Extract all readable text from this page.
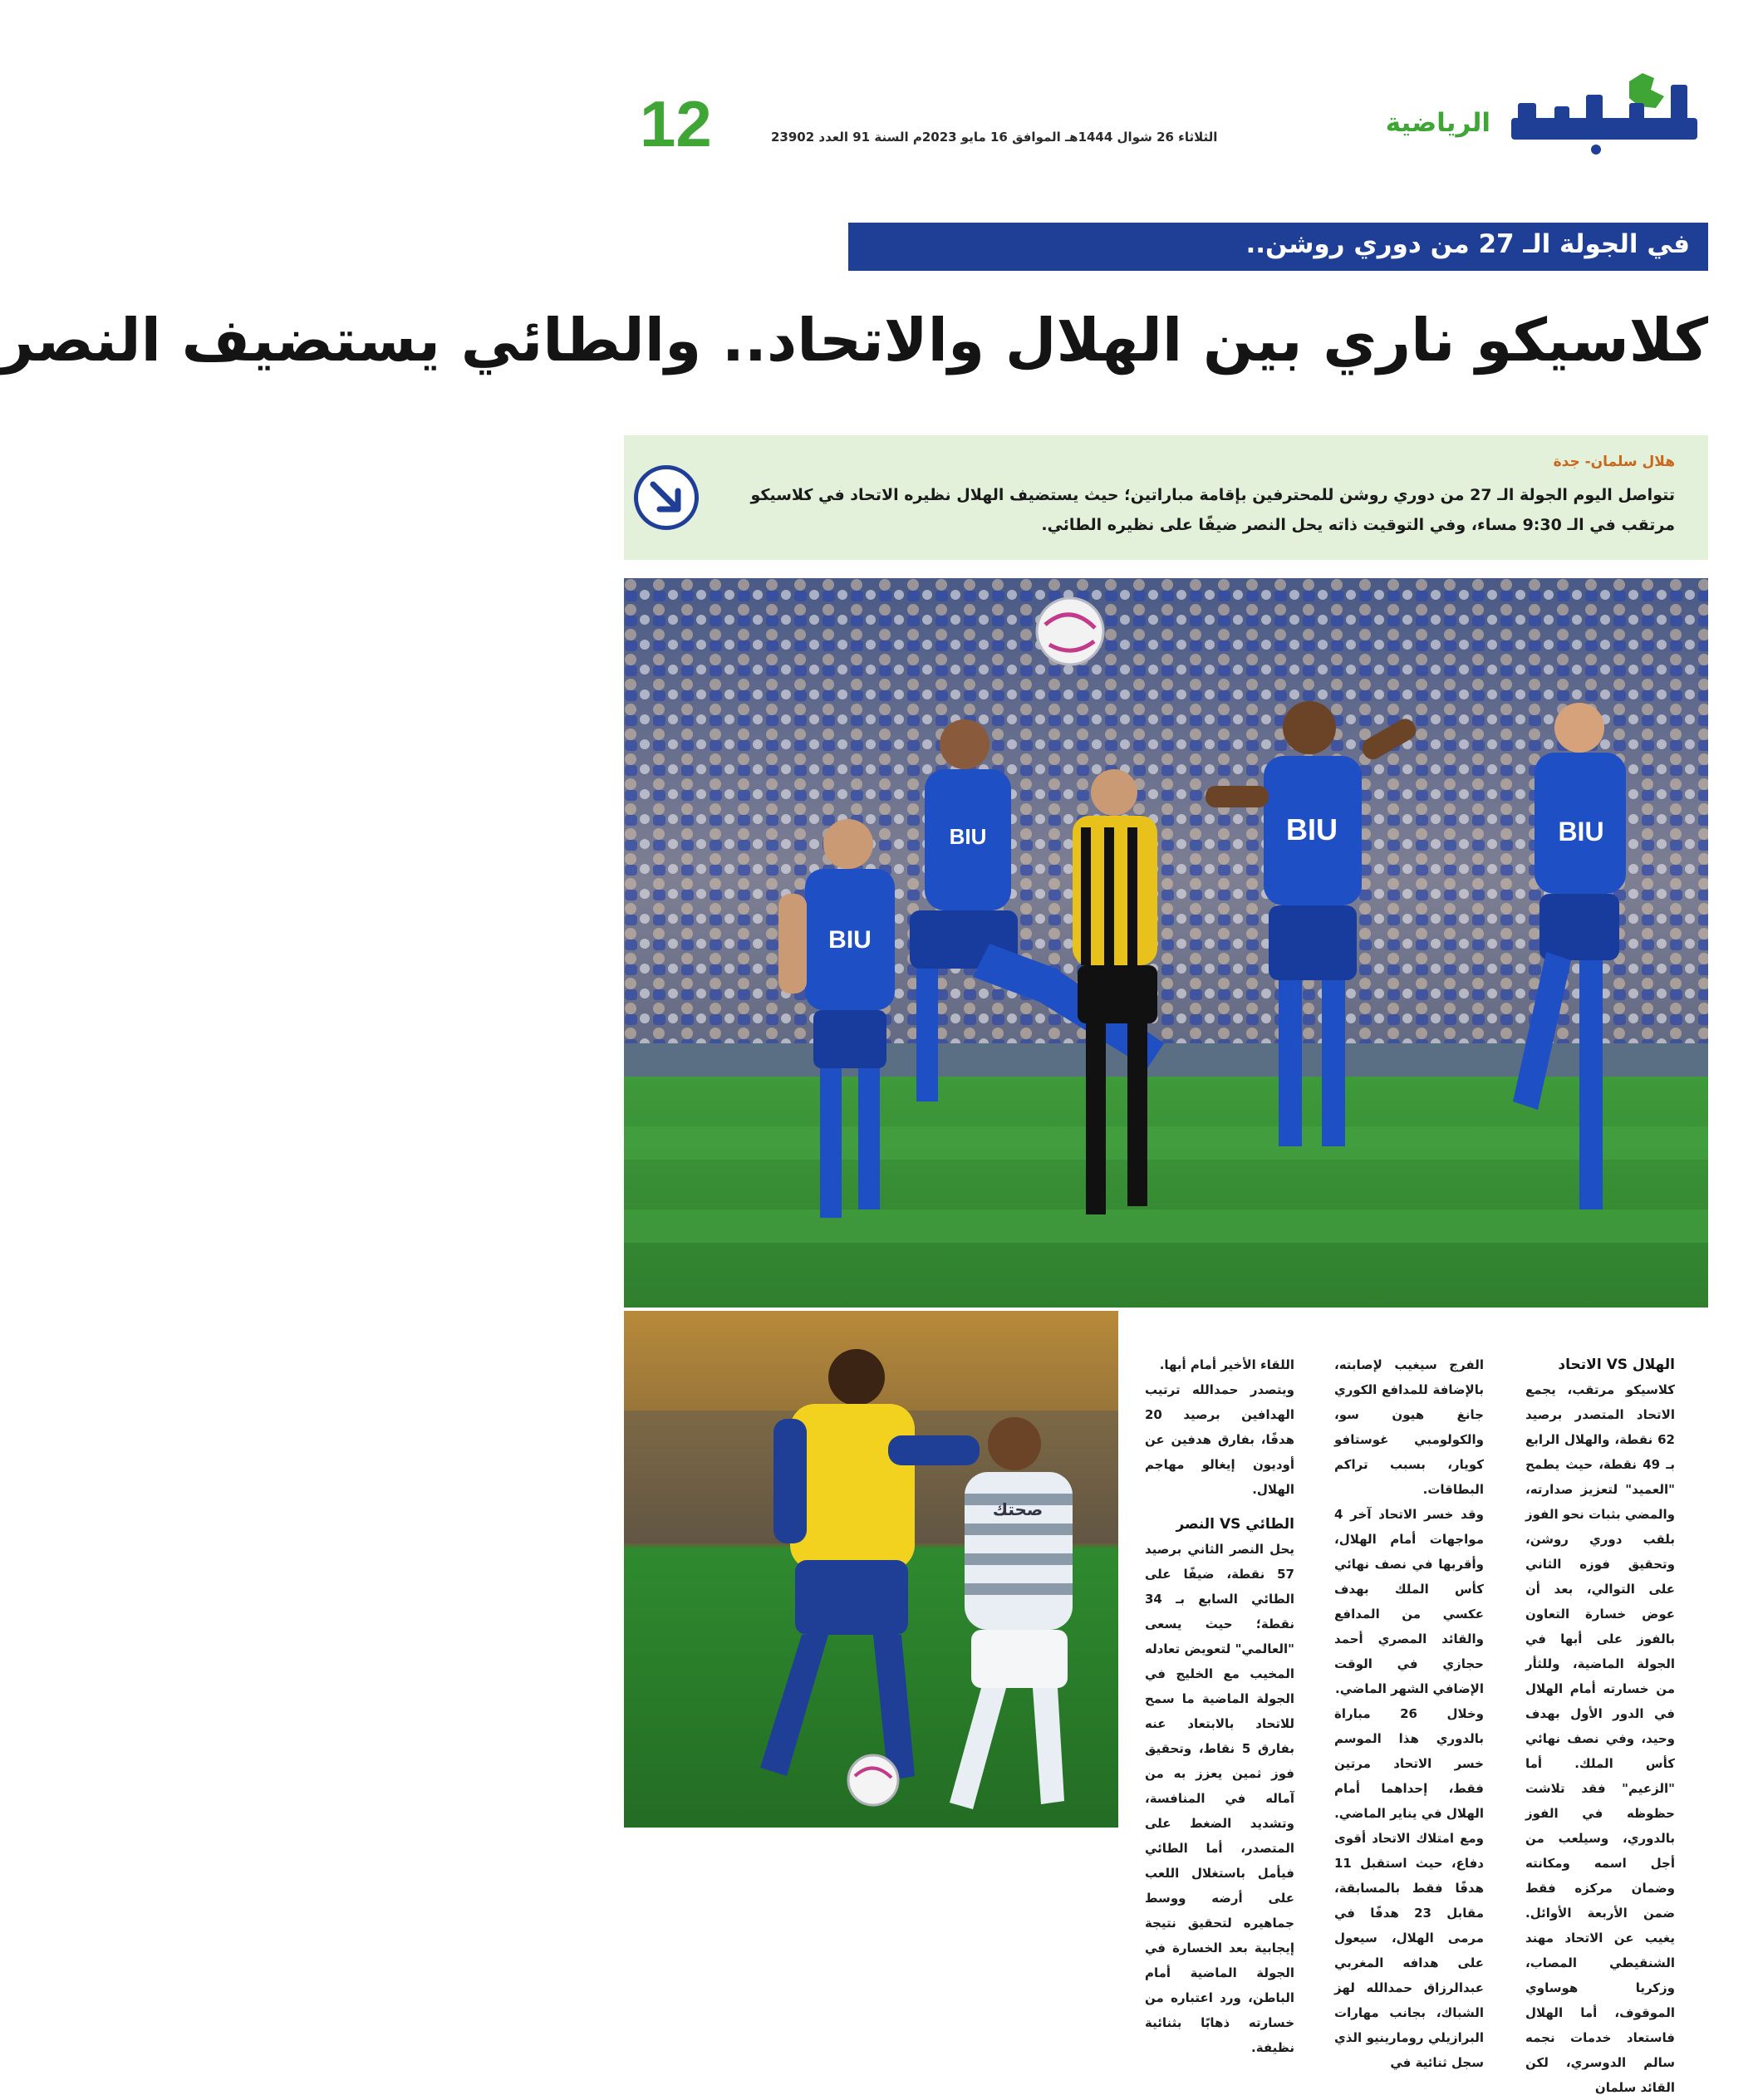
الرياضية
الثلاثاء 26 شوال 1444هـ الموافق 16 مايو 2023م السنة 91 العدد 23902
12
في الجولة الـ 27 من دوري روشن..
كلاسيكو ناري بين الهلال والاتحاد.. والطائي يستضيف النصر
هلال سلمان- جدة
تتواصل اليوم الجولة الـ 27 من دوري روشن للمحترفين بإقامة مباراتين؛ حيث يستضيف الهلال نظيره الاتحاد في كلاسيكو مرتقب في الـ 9:30 مساء، وفي التوقيت ذاته يحل النصر ضيفًا على نظيره الطائي.
BIU
BIU	BIU	BIU
صحتك

الهلال VS الاتحاد

كلاسيكو مرتقب، يجمع الاتحاد المتصدر برصيد 62 نقطة، والهلال الرابع بـ 49 نقطة، حيث يطمح "العميد" لتعزيز صدارته، والمضي بثبات نحو الفوز بلقب دوري روشن، وتحقيق فوزه الثاني على التوالي، بعد أن عوض خسارة التعاون بالفوز على أبها في الجولة الماضية، وللثأر من خسارته أمام الهلال في الدور الأول بهدف وحيد، وفي نصف نهائي كأس الملك. أما "الزعيم" فقد تلاشت حظوظه في الفوز بالدوري، وسيلعب من أجل اسمه ومكانته وضمان مركزه فقط ضمن الأربعة الأوائل. يغيب عن الاتحاد مهند الشنقيطي المصاب، وزكريا هوساوي الموقوف، أما الهلال فاستعاد خدمات نجمه سالم الدوسري، لكن القائد سلمان

الفرج سيغيب لإصابته، بالإضافة للمدافع الكوري جانغ هيون سو، والكولومبي غوستافو كويار، بسبب تراكم البطاقات.

وقد خسر الاتحاد آخر 4 مواجهات أمام الهلال، وأقربها في نصف نهائي كأس الملك بهدف عكسي من المدافع والقائد المصري أحمد حجازي في الوقت الإضافي الشهر الماضي.

وخلال 26 مباراة بالدوري هذا الموسم خسر الاتحاد مرتين فقط، إحداهما أمام الهلال في يناير الماضي.

ومع امتلاك الاتحاد أقوى دفاع، حيث استقبل 11 هدفًا فقط بالمسابقة، مقابل 23 هدفًا في مرمى الهلال، سيعول على هدافه المغربي عبدالرزاق حمدالله لهز الشباك، بجانب مهارات البرازيلي رومارينيو الذي سجل ثنائية في

اللقاء الأخير أمام أبها.

ويتصدر حمدالله ترتيب الهدافين برصيد 20 هدفًا، بفارق هدفين عن أوديون إيغالو مهاجم الهلال.

الطائي VS النصر

يحل النصر الثاني برصيد 57 نقطة، ضيفًا على الطائي السابع بـ 34 نقطة؛ حيث يسعى "العالمي" لتعويض تعادله المخيب مع الخليج في الجولة الماضية ما سمح للاتحاد بالابتعاد عنه بفارق 5 نقاط، وتحقيق فوز ثمين يعزز به من آماله في المنافسة، وتشديد الضغط على المتصدر، أما الطائي فيأمل باستغلال اللعب على أرضه ووسط جماهيره لتحقيق نتيجة إيجابية بعد الخسارة في الجولة الماضية أمام الباطن، ورد اعتباره من خسارته ذهابًا بثنائية نظيفة.
